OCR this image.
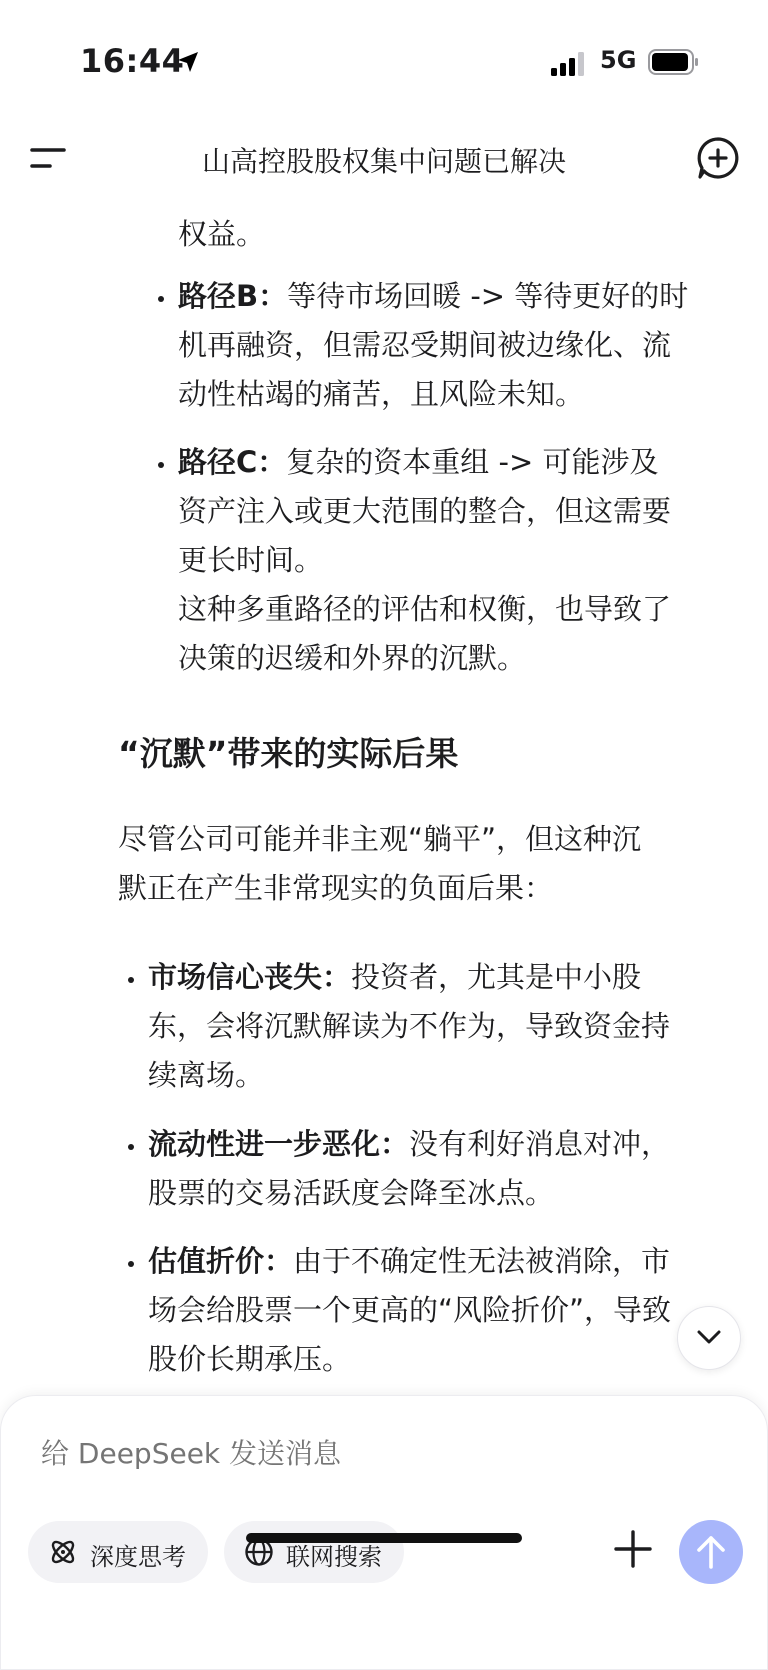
16:44	5G
山高控股股权集中问题已解决
权益。
路径B：等待市场回暖 -> 等待更好的时
机再融资，但需忍受期间被边缘化、流
动性枯竭的痛苦，且风险未知。
路径C：复杂的资本重组 -> 可能涉及
资产注入或更大范围的整合，但这需要
更长时间。
这种多重路径的评估和权衡，也导致了
决策的迟缓和外界的沉默。
“沉默”带来的实际后果
尽管公司可能并非主观“躺平”，但这种沉
默正在产生非常现实的负面后果：
市场信心丧失：投资者，尤其是中小股
东，会将沉默解读为不作为，导致资金持
续离场。
流动性进一步恶化：没有利好消息对冲，
股票的交易活跃度会降至冰点。
估值折价：由于不确定性无法被消除，市
场会给股票一个更高的“风险折价”，导致
股价长期承压。
给 DeepSeek 发送消息
深度思考	联网搜索
